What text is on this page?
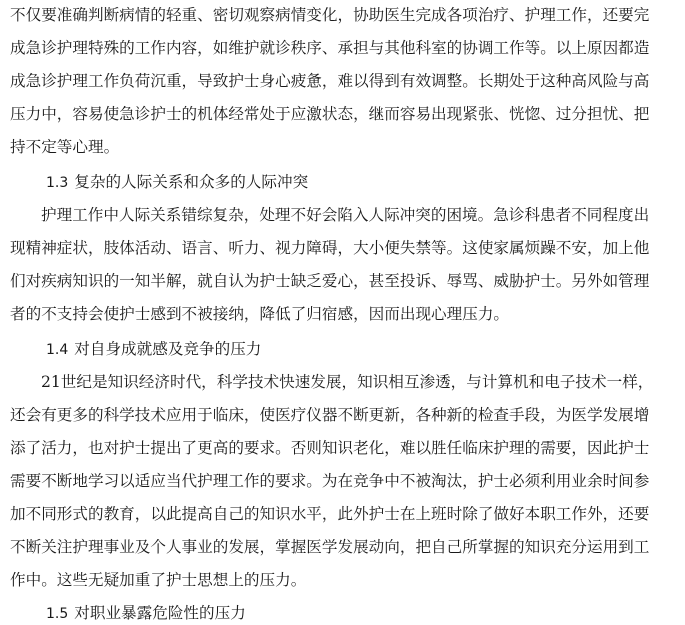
不仅要准确判断病情的轻重、密切观察病情变化，协助医生完成各项治疗、护理工作，还要完
成急诊护理特殊的工作内容，如维护就诊秩序、承担与其他科室的协调工作等。以上原因都造
成急诊护理工作负荷沉重，导致护士身心疲惫，难以得到有效调整。长期处于这种高风险与高
压力中，容易使急诊护士的机体经常处于应激状态，继而容易出现紧张、恍惚、过分担忧、把
持不定等心理。
1.3 复杂的人际关系和众多的人际冲突
护理工作中人际关系错综复杂，处理不好会陷入人际冲突的困境。急诊科患者不同程度出
现精神症状，肢体活动、语言、听力、视力障碍，大小便失禁等。这使家属烦躁不安，加上他
们对疾病知识的一知半解，就自认为护士缺乏爱心，甚至投诉、辱骂、威胁护士。另外如管理
者的不支持会使护士感到不被接纳，降低了归宿感，因而出现心理压力。
1.4 对自身成就感及竞争的压力
21世纪是知识经济时代，科学技术快速发展，知识相互渗透，与计算机和电子技术一样，
还会有更多的科学技术应用于临床，使医疗仪器不断更新，各种新的检查手段，为医学发展增
添了活力，也对护士提出了更高的要求。否则知识老化，难以胜任临床护理的需要，因此护士
需要不断地学习以适应当代护理工作的要求。为在竞争中不被淘汰，护士必须利用业余时间参
加不同形式的教育，以此提高自己的知识水平，此外护士在上班时除了做好本职工作外，还要
不断关注护理事业及个人事业的发展，掌握医学发展动向，把自己所掌握的知识充分运用到工
作中。这些无疑加重了护士思想上的压力。
1.5 对职业暴露危险性的压力
